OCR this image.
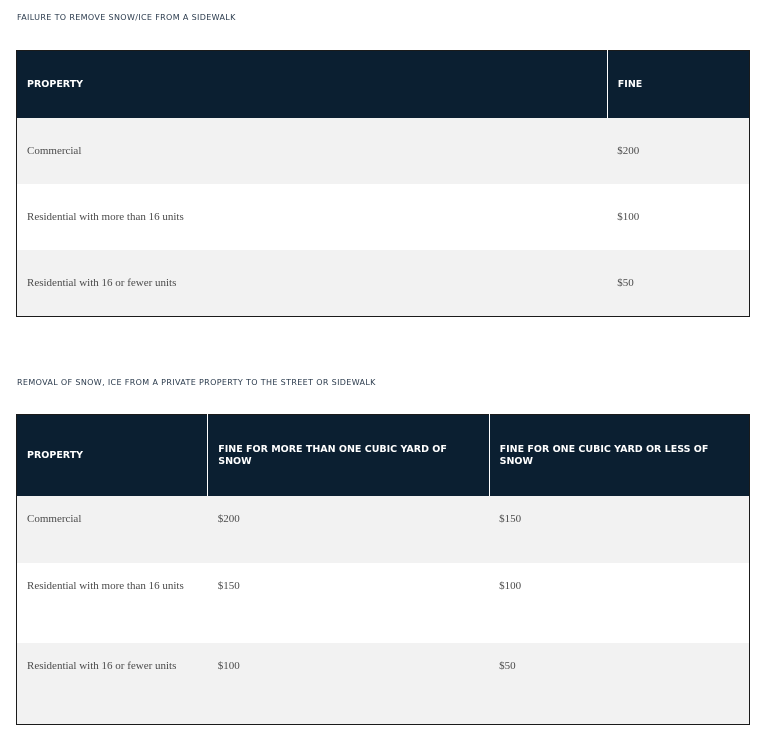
FAILURE TO REMOVE SNOW/ICE FROM A SIDEWALK

PROPERTY	FINE
Commercial	$200
Residential with more than 16 units	$100
Residential with 16 or fewer units	$50

REMOVAL OF SNOW, ICE FROM A PRIVATE PROPERTY TO THE STREET OR SIDEWALK

PROPERTY	FINE FOR MORE THAN ONE CUBIC YARD OF SNOW	FINE FOR ONE CUBIC YARD OR LESS OF SNOW
Commercial	$200	$150
Residential with more than 16 units	$150	$100
Residential with 16 or fewer units	$100	$50
